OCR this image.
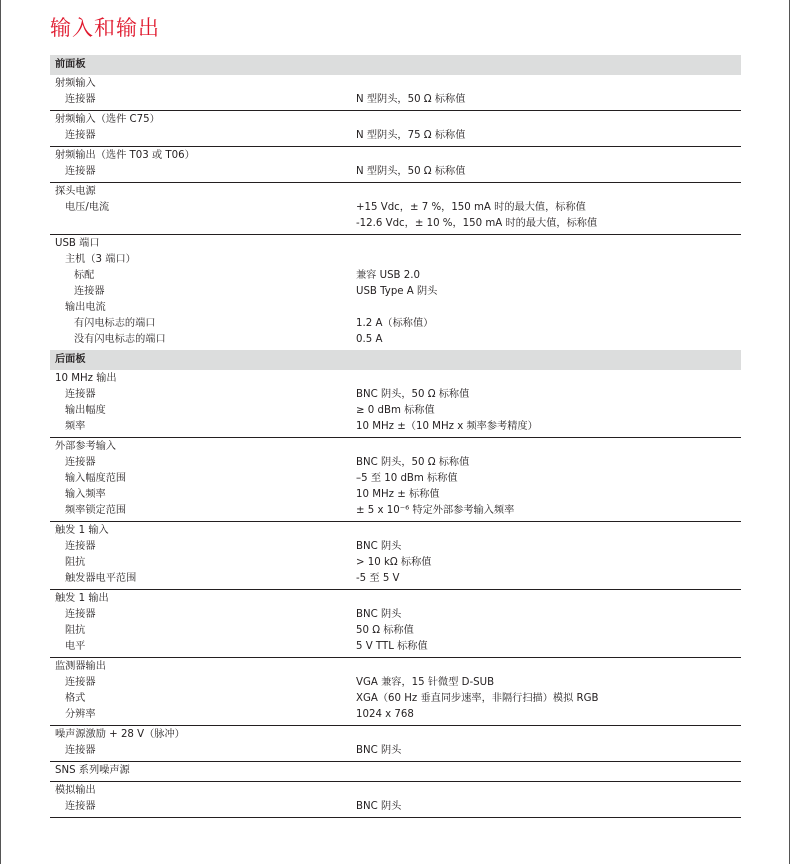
输入和输出
前面板
射频输入
连接器	N 型阴头，50 Ω 标称值
射频输入（选件 C75）
连接器	N 型阴头，75 Ω 标称值
射频输出（选件 T03 或 T06）
连接器	N 型阴头，50 Ω 标称值
探头电源
电压/电流	+15 Vdc，± 7 %，150 mA 时的最大值，标称值
-12.6 Vdc，± 10 %，150 mA 时的最大值，标称值
USB 端口
主机（3 端口）
标配	兼容 USB 2.0
连接器	USB Type A 阴头
输出电流
有闪电标志的端口	1.2 A（标称值）
没有闪电标志的端口	0.5 A
后面板
10 MHz 输出
连接器	BNC 阴头，50 Ω 标称值
输出幅度	≥ 0 dBm 标称值
频率	10 MHz ±（10 MHz x 频率参考精度）
外部参考输入
连接器	BNC 阴头，50 Ω 标称值
输入幅度范围	–5 至 10 dBm 标称值
输入频率	10 MHz ± 标称值
频率锁定范围	± 5 x 10⁻⁶ 特定外部参考输入频率
触发 1 输入
连接器	BNC 阴头
阻抗	> 10 kΩ 标称值
触发器电平范围	-5 至 5 V
触发 1 输出
连接器	BNC 阴头
阻抗	50 Ω 标称值
电平	5 V TTL 标称值
监测器输出
连接器	VGA 兼容，15 针微型 D-SUB
格式	XGA（60 Hz 垂直同步速率，非隔行扫描）模拟 RGB
分辨率	1024 x 768
噪声源激励 + 28 V（脉冲）
连接器	BNC 阴头
SNS 系列噪声源
模拟输出
连接器	BNC 阴头
